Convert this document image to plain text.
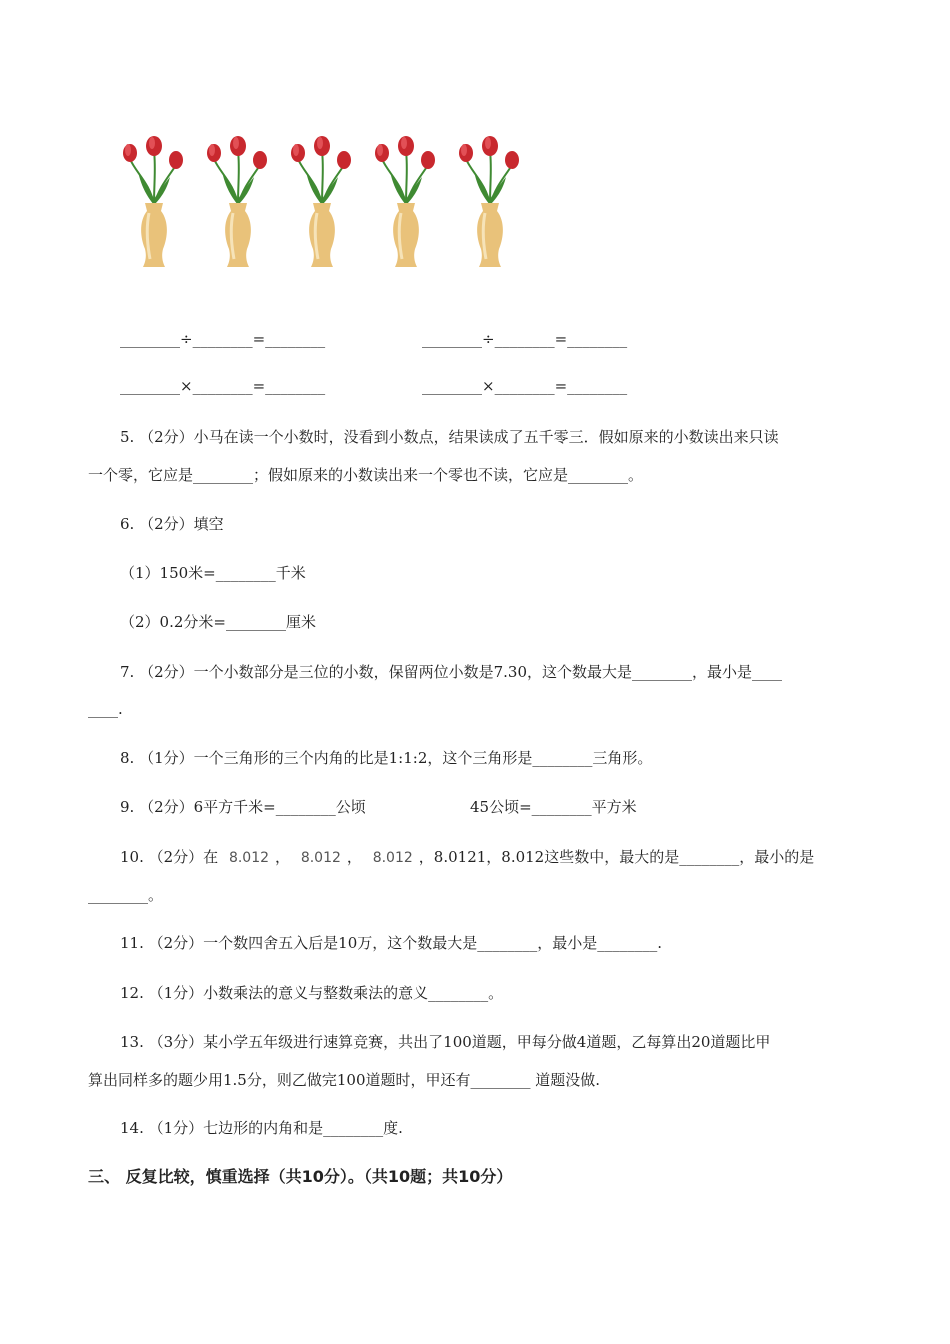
________÷________=________	________÷________=________
________×________=________	________×________=________
5. （2分）小马在读一个小数时，没看到小数点，结果读成了五千零三．假如原来的小数读出来只读
一个零，它应是________；假如原来的小数读出来一个零也不读，它应是________。
6. （2分）填空
（1）150米=________千米
（2）0.2分米=________厘米
7. （2分）一个小数部分是三位的小数，保留两位小数是7.30，这个数最大是________，最小是____
____.
8. （1分）一个三角形的三个内角的比是1:1:2，这个三角形是________三角形。
9. （2分）6平方千米=________公顷	45公顷=________平方米
10. （2分）在 8.012 ， 8.012 ， 8.012 ，8.0121，8.012这些数中，最大的是________，最小的是
________。
11. （2分）一个数四舍五入后是10万，这个数最大是________，最小是________.
12. （1分）小数乘法的意义与整数乘法的意义________。
13. （3分）某小学五年级进行速算竞赛，共出了100道题，甲每分做4道题，乙每算出20道题比甲
算出同样多的题少用1.5分，则乙做完100道题时，甲还有________ 道题没做.
14. （1分）七边形的内角和是________度.
三、 反复比较，慎重选择（共10分）。（共10题；共10分）
